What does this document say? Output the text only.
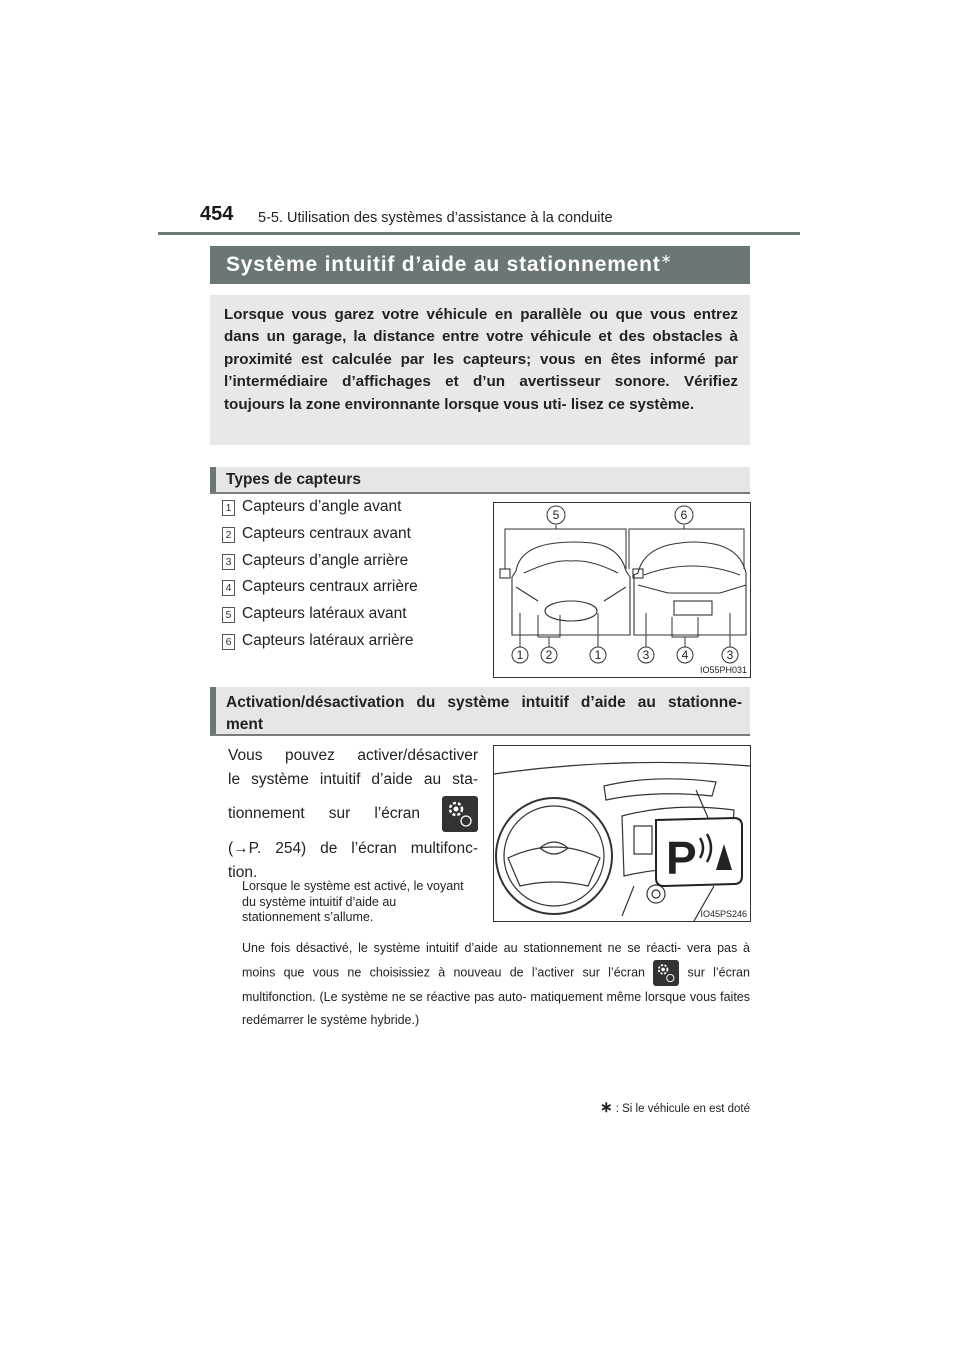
454 5-5. Utilisation des systèmes d’assistance à la conduite
Système intuitif d’aide au stationnement∗

Lorsque vous garez votre véhicule en parallèle ou que vous entrez dans un garage, la distance entre votre véhicule et des obstacles à proximité est calculée par les capteurs; vous en êtes informé par l’intermédiaire d’affichages et d’un avertisseur sonore. Vérifiez toujours la zone environnante lorsque vous uti- lisez ce système.

Types de capteurs
1 Capteurs d’angle avant
2 Capteurs centraux avant
3 Capteurs d’angle arrière
4 Capteurs centraux arrière
5 Capteurs latéraux avant
6 Capteurs latéraux arrière
5	6
1 2	1	3	4	3
IO55PH031
Activation/désactivation du système intuitif d’aide au stationne-
ment
Vous pouvez activer/désactiver
le système intuitif d’aide au sta-
tionnement sur l’écran
(→P. 254) de l’écran multifonc-
tion.	P
IO45PS246

Lorsque le système est activé, le voyant du système intuitif d’aide au stationnement s’allume.

Une fois désactivé, le système intuitif d’aide au stationnement ne se réacti- vera pas à moins que vous ne choisissiez à nouveau de l’activer sur l’écran	sur l’écran multifonction. (Le système ne se réactive pas auto- matiquement même lorsque vous faites redémarrer le système hybride.)

∗ : Si le véhicule en est doté
